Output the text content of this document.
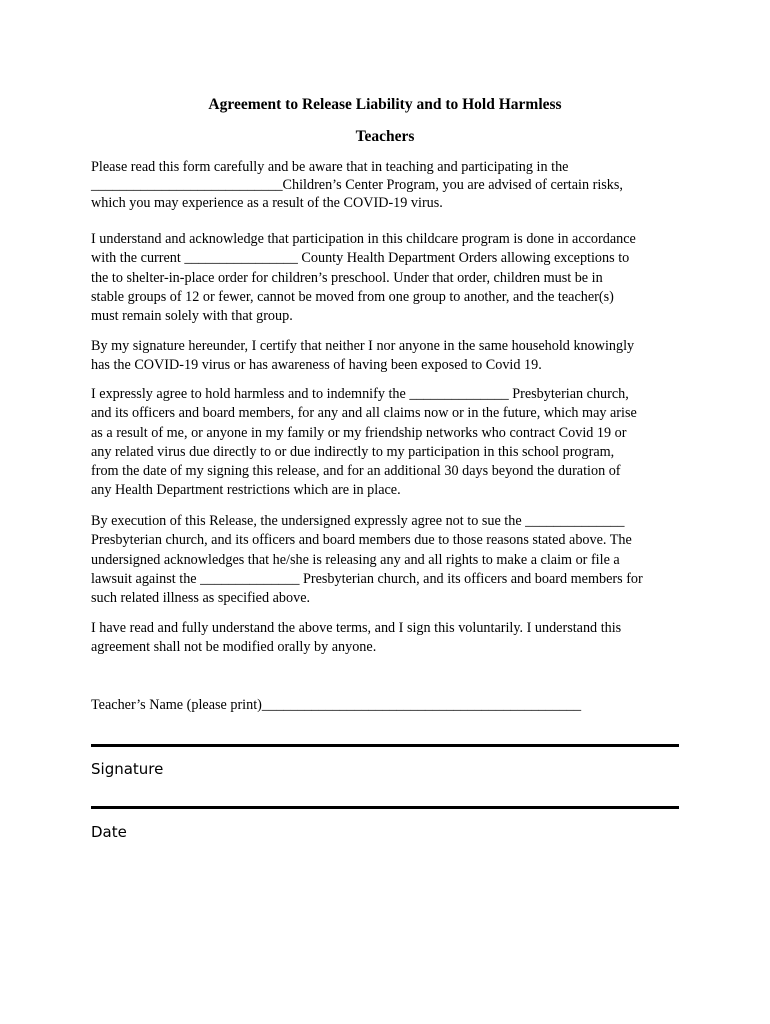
Agreement to Release Liability and to Hold Harmless
Teachers

Please read this form carefully and be aware that in teaching and participating in the
___________________________Children’s Center Program, you are advised of certain risks,
which you may experience as a result of the COVID-19 virus.

I understand and acknowledge that participation in this childcare program is done in accordance
with the current ________________ County Health Department Orders allowing exceptions to
the to shelter-in-place order for children’s preschool. Under that order, children must be in
stable groups of 12 or fewer, cannot be moved from one group to another, and the teacher(s)
must remain solely with that group.

By my signature hereunder, I certify that neither I nor anyone in the same household knowingly
has the COVID-19 virus or has awareness of having been exposed to Covid 19.

I expressly agree to hold harmless and to indemnify the ______________ Presbyterian church,
and its officers and board members, for any and all claims now or in the future, which may arise
as a result of me, or anyone in my family or my friendship networks who contract Covid 19 or
any related virus due directly to or due indirectly to my participation in this school program,
from the date of my signing this release, and for an additional 30 days beyond the duration of
any Health Department restrictions which are in place.

By execution of this Release, the undersigned expressly agree not to sue the ______________
Presbyterian church, and its officers and board members due to those reasons stated above. The
undersigned acknowledges that he/she is releasing any and all rights to make a claim or file a
lawsuit against the ______________ Presbyterian church, and its officers and board members for
such related illness as specified above.

I have read and fully understand the above terms, and I sign this voluntarily. I understand this
agreement shall not be modified orally by anyone.

Teacher’s Name (please print)_____________________________________________

Signature

Date
